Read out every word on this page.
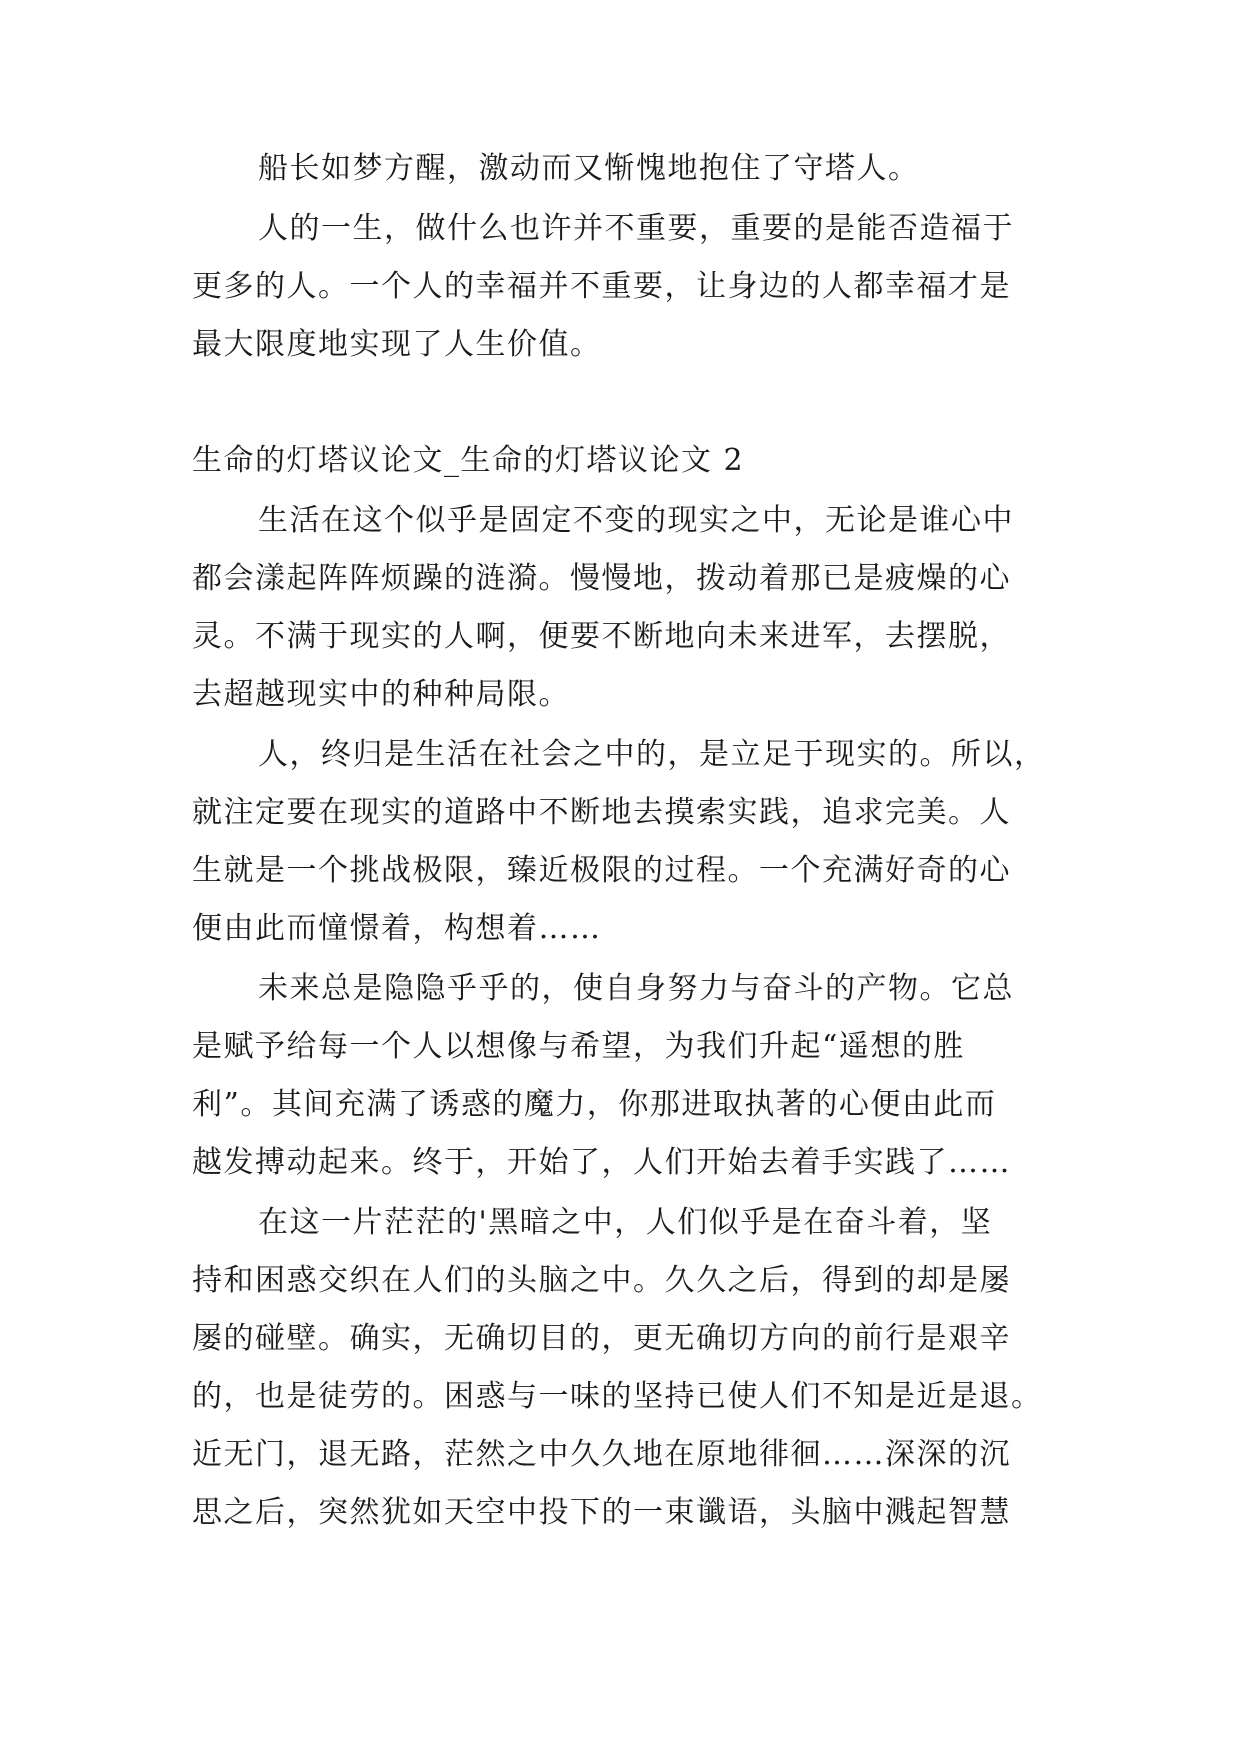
船长如梦方醒，激动而又惭愧地抱住了守塔人。
人的一生，做什么也许并不重要，重要的是能否造福于
更多的人。一个人的幸福并不重要，让身边的人都幸福才是
最大限度地实现了人生价值。
生命的灯塔议论文_生命的灯塔议论文 2
生活在这个似乎是固定不变的现实之中，无论是谁心中
都会漾起阵阵烦躁的涟漪。慢慢地，拨动着那已是疲燥的心
灵。不满于现实的人啊，便要不断地向未来进军，去摆脱，
去超越现实中的种种局限。
人，终归是生活在社会之中的，是立足于现实的。所以，
就注定要在现实的道路中不断地去摸索实践，追求完美。人
生就是一个挑战极限，臻近极限的过程。一个充满好奇的心
便由此而憧憬着，构想着……
未来总是隐隐乎乎的，使自身努力与奋斗的产物。它总
是赋予给每一个人以想像与希望，为我们升起“遥想的胜
利”。其间充满了诱惑的魔力，你那进取执著的心便由此而
越发搏动起来。终于，开始了，人们开始去着手实践了……
在这一片茫茫的'黑暗之中，人们似乎是在奋斗着，坚
持和困惑交织在人们的头脑之中。久久之后，得到的却是屡
屡的碰壁。确实，无确切目的，更无确切方向的前行是艰辛
的，也是徒劳的。困惑与一味的坚持已使人们不知是近是退。
近无门，退无路，茫然之中久久地在原地徘徊……深深的沉
思之后，突然犹如天空中投下的一束谶语，头脑中溅起智慧
